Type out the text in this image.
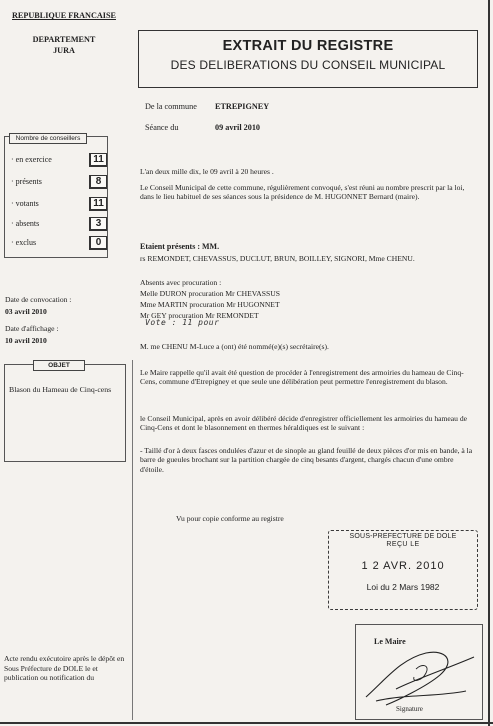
REPUBLIQUE FRANCAISE
DEPARTEMENT
JURA	EXTRAIT DU REGISTRE
DES DELIBERATIONS DU CONSEIL MUNICIPAL
De la commune ETREPIGNEY
Séance du	09 avril 2010
Nombre de conseillers
· en exercice	11
· présents	8
· votants	11
· absents	3
· exclus	0
L'an deux mille dix, le 09 avril à 20 heures .
Le Conseil Municipal de cette commune, régulièrement convoqué, s'est réuni au nombre prescrit par la loi, dans le lieu habituel de ses séances sous la présidence de M. HUGONNET Bernard (maire).
Etaient présents : MM.
rs REMONDET, CHEVASSUS, DUCLUT, BRUN, BOILLEY, SIGNORI, Mme CHENU.
Absents avec procuration :
Melle DURON procuration Mr CHEVASSUS
Mme MARTIN procuration Mr HUGONNET
Mr GEY procuration Mr REMONDET
Vote : 11 pour
Date de convocation :
03 avril 2010
Date d'affichage :
10 avril 2010
M. me CHENU M-Luce a (ont) été nommé(e)(s) secrétaire(s).
OBJET
Blason du Hameau de Cinq-cens
Le Maire rappelle qu'il avait été question de procéder à l'enregistrement des armoiries du hameau de Cinq-Cens, commune d'Etrepigney et que seule une délibération peut permettre l'enregistrement du blason.
le Conseil Municipal, après en avoir délibéré décide d'enregistrer officiellement les armoiries du hameau de Cinq-Cens et dont le blasonnement en thermes héraldiques est le suivant :
- Taillé d'or à deux fasces ondulées d'azur et de sinople au gland feuillé de deux pièces d'or mis en bande, à la barre de gueules brochant sur la partition chargée de cinq besants d'argent, chargés chacun d'une ombre d'étoile.
Vu pour copie conforme au registre
SOUS-PREFECTURE DE DOLE
REÇU LE
1 2 AVR. 2010
Loi du 2 Mars 1982
Le Maire
Signature
Acte rendu exécutoire après le dépôt en Sous Préfecture de DOLE le et publication ou notification du
